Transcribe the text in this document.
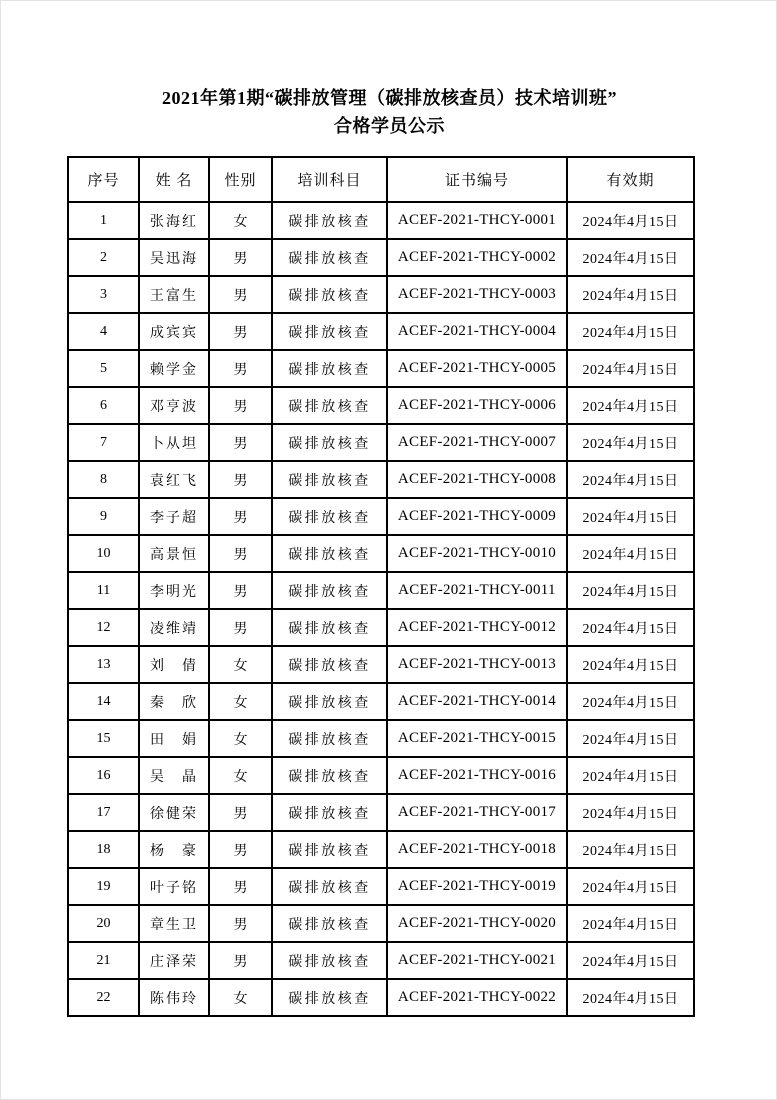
2021年第1期“碳排放管理（碳排放核查员）技术培训班”
合格学员公示
序号	姓 名	性别	培训科目	证书编号	有效期
1	张海红	女	碳排放核查	ACEF-2021-THCY-0001	2024年4月15日
2	吴迅海	男	碳排放核查	ACEF-2021-THCY-0002	2024年4月15日
3	王富生	男	碳排放核查	ACEF-2021-THCY-0003	2024年4月15日
4	成宾宾	男	碳排放核查	ACEF-2021-THCY-0004	2024年4月15日
5	赖学金	男	碳排放核查	ACEF-2021-THCY-0005	2024年4月15日
6	邓亨波	男	碳排放核查	ACEF-2021-THCY-0006	2024年4月15日
7	卜从坦	男	碳排放核查	ACEF-2021-THCY-0007	2024年4月15日
8	袁红飞	男	碳排放核查	ACEF-2021-THCY-0008	2024年4月15日
9	李子超	男	碳排放核查	ACEF-2021-THCY-0009	2024年4月15日
10	高景恒	男	碳排放核查	ACEF-2021-THCY-0010	2024年4月15日
11	李明光	男	碳排放核查	ACEF-2021-THCY-0011	2024年4月15日
12	凌维靖	男	碳排放核查	ACEF-2021-THCY-0012	2024年4月15日
13	刘　倩	女	碳排放核查	ACEF-2021-THCY-0013	2024年4月15日
14	秦　欣	女	碳排放核查	ACEF-2021-THCY-0014	2024年4月15日
15	田　娟	女	碳排放核查	ACEF-2021-THCY-0015	2024年4月15日
16	吴　晶	女	碳排放核查	ACEF-2021-THCY-0016	2024年4月15日
17	徐健荣	男	碳排放核查	ACEF-2021-THCY-0017	2024年4月15日
18	杨　豪	男	碳排放核查	ACEF-2021-THCY-0018	2024年4月15日
19	叶子铭	男	碳排放核查	ACEF-2021-THCY-0019	2024年4月15日
20	章生卫	男	碳排放核查	ACEF-2021-THCY-0020	2024年4月15日
21	庄泽荣	男	碳排放核查	ACEF-2021-THCY-0021	2024年4月15日
22	陈伟玲	女	碳排放核查	ACEF-2021-THCY-0022	2024年4月15日
